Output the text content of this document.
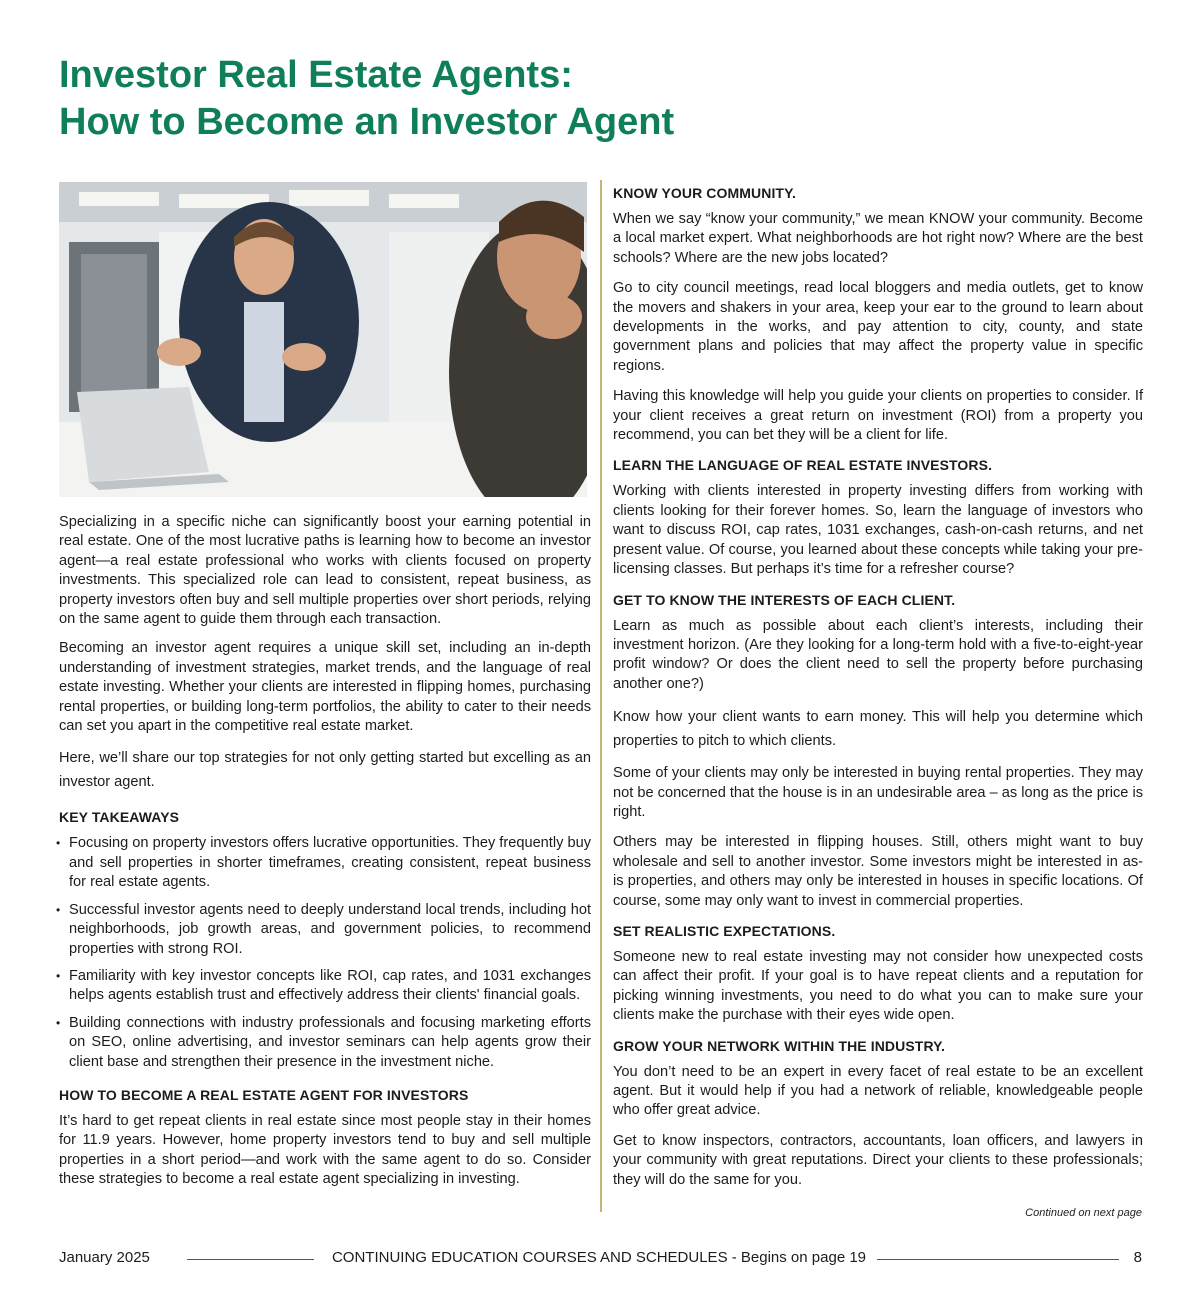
Investor Real Estate Agents:
How to Become an Investor Agent

Specializing in a specific niche can significantly boost your earning potential in real estate. One of the most lucrative paths is learning how to become an investor agent—a real estate professional who works with clients focused on property investments. This specialized role can lead to consistent, repeat business, as property investors often buy and sell multiple properties over short periods, relying on the same agent to guide them through each transaction.

Becoming an investor agent requires a unique skill set, including an in-depth understanding of investment strategies, market trends, and the language of real estate investing. Whether your clients are interested in flipping homes, purchasing rental properties, or building long-term portfolios, the ability to cater to their needs can set you apart in the competitive real estate market.

Here, we’ll share our top strategies for not only getting started but excelling as an investor agent.

KEY TAKEAWAYS
• Focusing on property investors offers lucrative opportunities. They frequently buy and sell properties in shorter timeframes, creating consistent, repeat business for real estate agents.
• Successful investor agents need to deeply understand local trends, including hot neighborhoods, job growth areas, and government policies, to recommend properties with strong ROI.
• Familiarity with key investor concepts like ROI, cap rates, and 1031 exchanges helps agents establish trust and effectively address their clients' financial goals.
• Building connections with industry professionals and focusing marketing efforts on SEO, online advertising, and investor seminars can help agents grow their client base and strengthen their presence in the investment niche.
HOW TO BECOME A REAL ESTATE AGENT FOR INVESTORS

It’s hard to get repeat clients in real estate since most people stay in their homes for 11.9 years. However, home property investors tend to buy and sell multiple properties in a short period—and work with the same agent to do so. Consider these strategies to become a real estate agent specializing in investing.

KNOW YOUR COMMUNITY.

When we say “know your community,” we mean KNOW your community. Become a local market expert. What neighborhoods are hot right now? Where are the best schools? Where are the new jobs located?

Go to city council meetings, read local bloggers and media outlets, get to know the movers and shakers in your area, keep your ear to the ground to learn about developments in the works, and pay attention to city, county, and state government plans and policies that may affect the property value in specific regions.

Having this knowledge will help you guide your clients on properties to consider. If your client receives a great return on investment (ROI) from a property you recommend, you can bet they will be a client for life.

LEARN THE LANGUAGE OF REAL ESTATE INVESTORS.

Working with clients interested in property investing differs from working with clients looking for their forever homes. So, learn the language of investors who want to discuss ROI, cap rates, 1031 exchanges, cash-on-cash returns, and net present value. Of course, you learned about these concepts while taking your pre-licensing classes. But perhaps it’s time for a refresher course?

GET TO KNOW THE INTERESTS OF EACH CLIENT.

Learn as much as possible about each client’s interests, including their investment horizon. (Are they looking for a long-term hold with a five-to-eight-year profit window? Or does the client need to sell the property before purchasing another one?)

Know how your client wants to earn money. This will help you determine which properties to pitch to which clients.

Some of your clients may only be interested in buying rental properties. They may not be concerned that the house is in an undesirable area – as long as the price is right.

Others may be interested in flipping houses. Still, others might want to buy wholesale and sell to another investor. Some investors might be interested in as-is properties, and others may only be interested in houses in specific locations. Of course, some may only want to invest in commercial properties.

SET REALISTIC EXPECTATIONS.

Someone new to real estate investing may not consider how unexpected costs can affect their profit. If your goal is to have repeat clients and a reputation for picking winning investments, you need to do what you can to make sure your clients make the purchase with their eyes wide open.

GROW YOUR NETWORK WITHIN THE INDUSTRY.

You don’t need to be an expert in every facet of real estate to be an excellent agent. But it would help if you had a network of reliable, knowledgeable people who offer great advice.

Get to know inspectors, contractors, accountants, loan officers, and lawyers in your community with great reputations. Direct your clients to these professionals; they will do the same for you.

Continued on next page
January 2025	CONTINUING EDUCATION COURSES AND SCHEDULES - Begins on page 19	8
